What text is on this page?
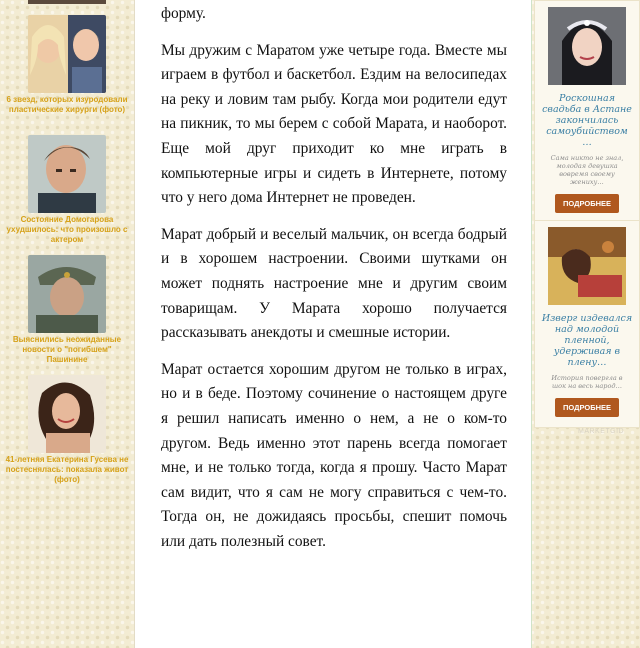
6 звезд, которых изуродовали пластические хирурги (фото)
Состояние Домогарова ухудшилось: что произошло с актером
Выяснились неожиданные новости о "погибшем" Пашинине
41-летняя Екатерина Гусева не постеснялась: показала живот (фото)

форму.

Мы дружим с Маратом уже четыре года. Вместе мы играем в футбол и баскетбол. Ездим на велосипедах на реку и ловим там рыбу. Когда мои родители едут на пикник, то мы берем с собой Марата, и наоборот. Еще мой друг приходит ко мне играть в компьютерные игры и сидеть в Интернете, потому что у него дома Интернет не проведен.

Марат добрый и веселый мальчик, он всегда бодрый и в хорошем настроении. Своими шутками он может поднять настроение мне и другим своим товарищам. У Марата хорошо получается рассказывать анекдоты и смешные истории.

Марат остается хорошим другом не только в играх, но и в беде. Поэтому сочинение о настоящем друге я решил написать именно о нем, а не о ком-то другом. Ведь именно этот парень всегда помогает мне, и не только тогда, когда я прошу. Часто Марат сам видит, что я сам не могу справиться с чем-то. Тогда он, не дожидаясь просьбы, спешит помочь или дать полезный совет.

Роскошная свадьба в Астане закончилась самоубийством …
Сама никто не знал, молодая девушка вовремя своему жениху…
ПОДРОБНЕЕ
Изверг издевался над молодой пленной, удерживая в плену…
История повергла в шок на весь народ…
ПОДРОБНЕЕ
MARKETGID
